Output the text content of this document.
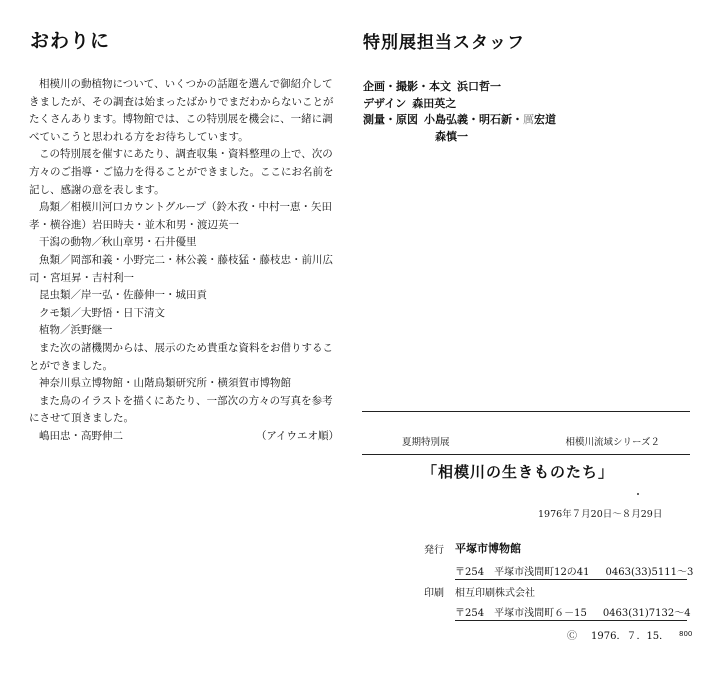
おわりに

相模川の動植物について、いくつかの話題を選んで御紹介してきましたが、その調査は始まったばかりでまだわからないことがたくさんあります。博物館では、この特別展を機会に、一緒に調べていこうと思われる方をお待ちしています。

この特別展を催すにあたり、調査収集・資料整理の上で、次の方々のご指導・ご協力を得ることができました。ここにお名前を記し、感謝の意を表します。

鳥類／相模川河口カウントグループ（鈴木孜・中村一恵・矢田孝・横谷進）岩田時夫・並木和男・渡辺英一

干潟の動物／秋山章男・石井優里

魚類／岡部和義・小野完二・林公義・藤枝猛・藤枝忠・前川広司・宮垣昇・吉村利一

昆虫類／岸一弘・佐藤伸一・城田貢

クモ類／大野悟・日下清文

植物／浜野継一

また次の諸機関からは、展示のため貴重な資料をお借りすることができました。

神奈川県立博物館・山階鳥類研究所・横須賀市博物館

また鳥のイラストを描くにあたり、一部次の方々の写真を参考にさせて頂きました。

嶋田忠・高野伸二	（アイウエオ順）
特別展担当スタッフ
企画・撮影・本文 浜口哲一
デザイン 森田英之
測量・原図 小島弘義・明石新・ 厲 宏道
森慎一
夏期特別展	相模川流域シリーズ２
「相模川の生きものたち」
1976年７月20日～８月29日
発行 平塚市博物館
〒254　平塚市浅間町12の41 0463(33)5111～3
印刷 相互印刷株式会社
〒254　平塚市浅間町６－15 0463(31)7132～4
Ⓒ 1976．７．15． 800
